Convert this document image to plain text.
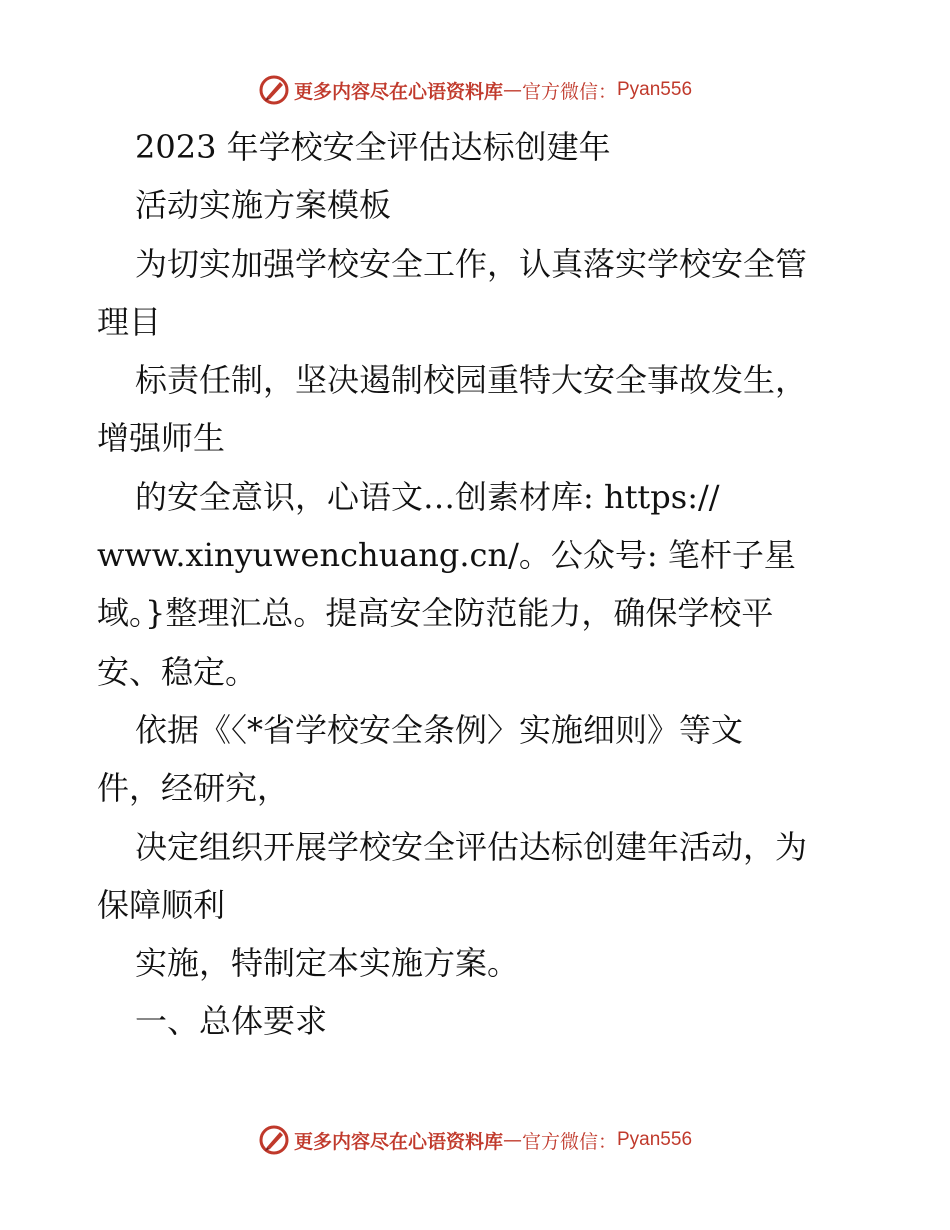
更多内容尽在心语资料库 — 官方微信： Pyan556
2023 年学校安全评估达标创建年
活动实施方案模板
为切实加强学校安全工作，认真落实学校安全管
理目
标责任制，坚决遏制校园重特大安全事故发生，
增强师生
的安全意识，心语文…创素材库: https://
www.xinyuwenchuang.cn/。公众号: 笔杆子星
域。}整理汇总。提高安全防范能力，确保学校平
安、稳定。
依据《〈*省学校安全条例〉实施细则》等文
件，经研究，
决定组织开展学校安全评估达标创建年活动，为
保障顺利
实施，特制定本实施方案。
一、总体要求
更多内容尽在心语资料库 — 官方微信： Pyan556
